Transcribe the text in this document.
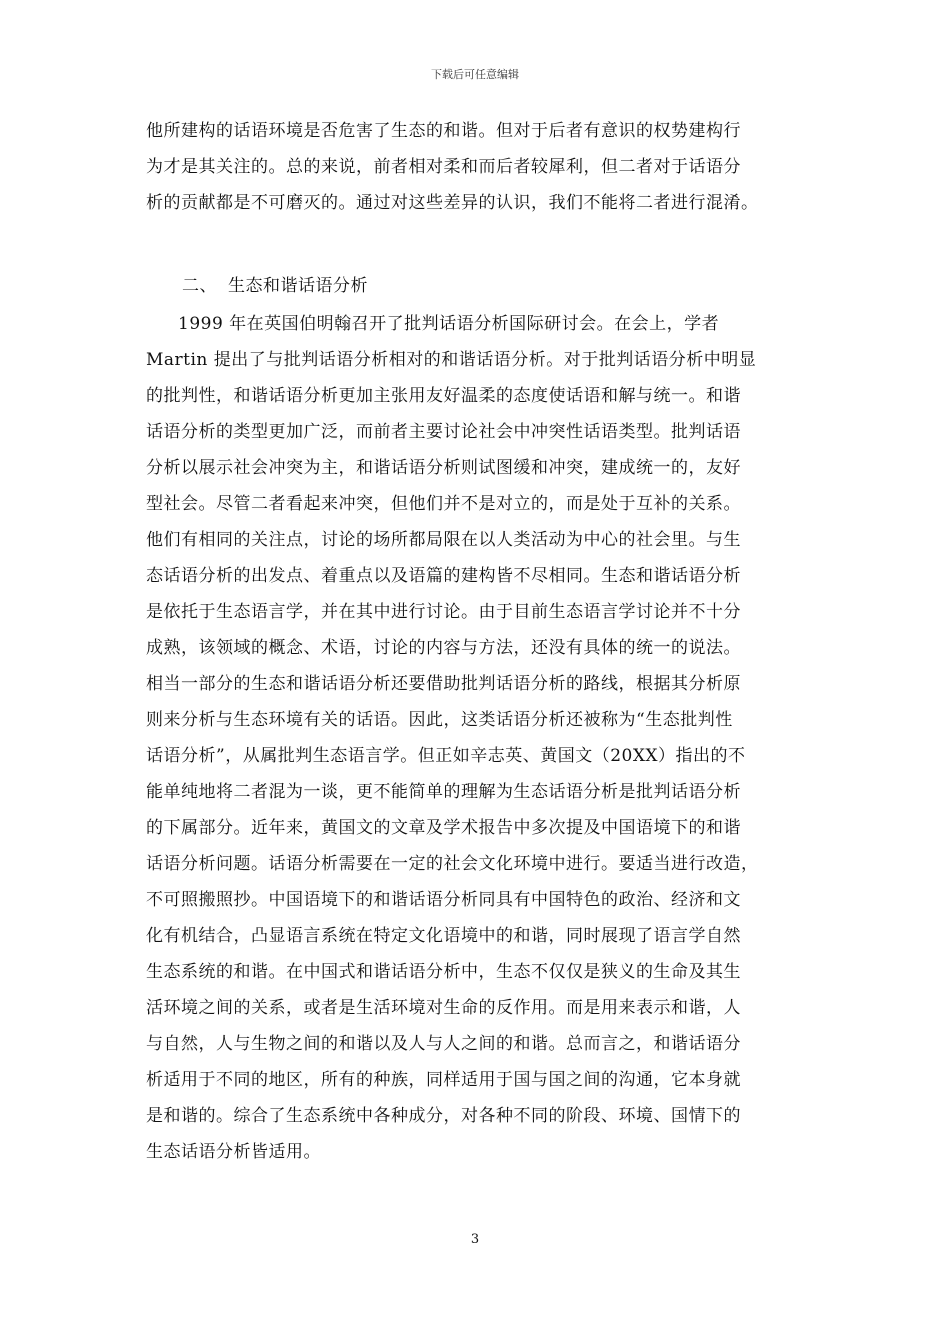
下载后可任意编辑
他所建构的话语环境是否危害了生态的和谐。但对于后者有意识的权势建构行
为才是其关注的。总的来说，前者相对柔和而后者较犀利，但二者对于话语分
析的贡献都是不可磨灭的。通过对这些差异的认识，我们不能将二者进行混淆。
二、 生态和谐话语分析
1999 年在英国伯明翰召开了批判话语分析国际研讨会。在会上，学者
Martin 提出了与批判话语分析相对的和谐话语分析。对于批判话语分析中明显
的批判性，和谐话语分析更加主张用友好温柔的态度使话语和解与统一。和谐
话语分析的类型更加广泛，而前者主要讨论社会中冲突性话语类型。批判话语
分析以展示社会冲突为主，和谐话语分析则试图缓和冲突，建成统一的，友好
型社会。尽管二者看起来冲突，但他们并不是对立的，而是处于互补的关系。
他们有相同的关注点，讨论的场所都局限在以人类活动为中心的社会里。与生
态话语分析的出发点、着重点以及语篇的建构皆不尽相同。生态和谐话语分析
是依托于生态语言学，并在其中进行讨论。由于目前生态语言学讨论并不十分
成熟，该领域的概念、术语，讨论的内容与方法，还没有具体的统一的说法。
相当一部分的生态和谐话语分析还要借助批判话语分析的路线，根据其分析原
则来分析与生态环境有关的话语。因此，这类话语分析还被称为“生态批判性
话语分析”，从属批判生态语言学。但正如辛志英、黄国文（20XX）指出的不
能单纯地将二者混为一谈，更不能简单的理解为生态话语分析是批判话语分析
的下属部分。近年来，黄国文的文章及学术报告中多次提及中国语境下的和谐
话语分析问题。话语分析需要在一定的社会文化环境中进行。要适当进行改造，
不可照搬照抄。中国语境下的和谐话语分析同具有中国特色的政治、经济和文
化有机结合，凸显语言系统在特定文化语境中的和谐，同时展现了语言学自然
生态系统的和谐。在中国式和谐话语分析中，生态不仅仅是狭义的生命及其生
活环境之间的关系，或者是生活环境对生命的反作用。而是用来表示和谐，人
与自然，人与生物之间的和谐以及人与人之间的和谐。总而言之，和谐话语分
析适用于不同的地区，所有的种族，同样适用于国与国之间的沟通，它本身就
是和谐的。综合了生态系统中各种成分，对各种不同的阶段、环境、国情下的
生态话语分析皆适用。
3
